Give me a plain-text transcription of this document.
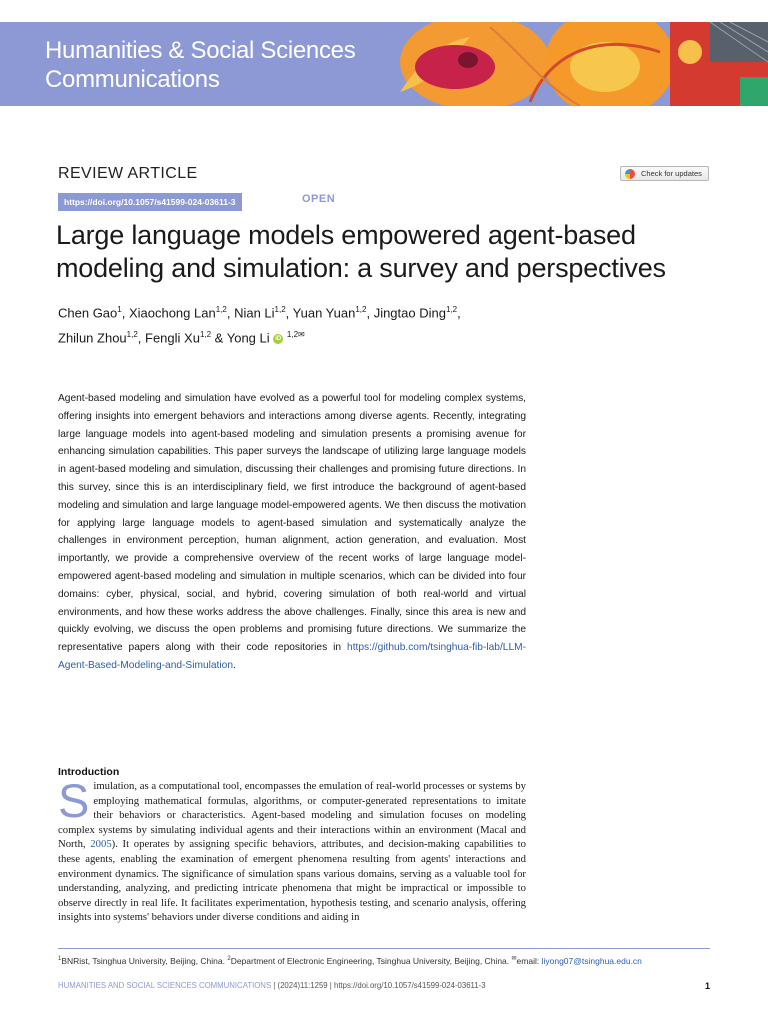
Humanities & Social Sciences
Communications
REVIEW ARTICLE
https://doi.org/10.1057/s41599-024-03611-3	OPEN
Check for updates
Large language models empowered agent-based modeling and simulation: a survey and perspectives
Chen Gao$^1$, Xiaochong Lan$^{1,2}$, Nian Li$^{1,2}$, Yuan Yuan$^{1,2}$, Jingtao Ding$^{1,2}$,
Zhilun Zhou$^{1,2}$, Fengli Xu$^{1,2}$ & Yong Li iD $^{1,2✉}$
Agent-based modeling and simulation have evolved as a powerful tool for modeling complex systems, offering insights into emergent behaviors and interactions among diverse agents. Recently, integrating large language models into agent-based modeling and simulation presents a promising avenue for enhancing simulation capabilities. This paper surveys the landscape of utilizing large language models in agent-based modeling and simulation, discussing their challenges and promising future directions. In this survey, since this is an interdisciplinary field, we first introduce the background of agent-based modeling and simulation and large language model-empowered agents. We then discuss the motivation for applying large language models to agent-based simulation and systematically analyze the challenges in environment perception, human alignment, action generation, and evaluation. Most importantly, we provide a comprehensive overview of the recent works of large language model-empowered agent-based modeling and simulation in multiple scenarios, which can be divided into four domains: cyber, physical, social, and hybrid, covering simulation of both real-world and virtual environments, and how these works address the above challenges. Finally, since this area is new and quickly evolving, we discuss the open problems and promising future directions. We summarize the representative papers along with their code repositories in https://github.com/tsinghua-fib-lab/LLM-Agent-Based-Modeling-and-Simulation.
Introduction
Simulation, as a computational tool, encompasses the emulation of real-world processes or systems by employing mathematical formulas, algorithms, or computer-generated representations to imitate their behaviors or characteristics. Agent-based modeling and simulation focuses on modeling complex systems by simulating individual agents and their interactions within an environment (Macal and North, 2005). It operates by assigning specific behaviors, attributes, and decision-making capabilities to these agents, enabling the examination of emergent phenomena resulting from agents' interactions and environment dynamics. The significance of simulation spans various domains, serving as a valuable tool for understanding, analyzing, and predicting intricate phenomena that might be impractical or impossible to observe directly in real life. It facilitates experimentation, hypothesis testing, and scenario analysis, offering insights into systems' behaviors under diverse conditions and aiding in
$^1$BNRist, Tsinghua University, Beijing, China. $^2$Department of Electronic Engineering, Tsinghua University, Beijing, China. ✉email: liyong07@tsinghua.edu.cn
HUMANITIES AND SOCIAL SCIENCES COMMUNICATIONS | (2024)11:1259 | https://doi.org/10.1057/s41599-024-03611-3	1
